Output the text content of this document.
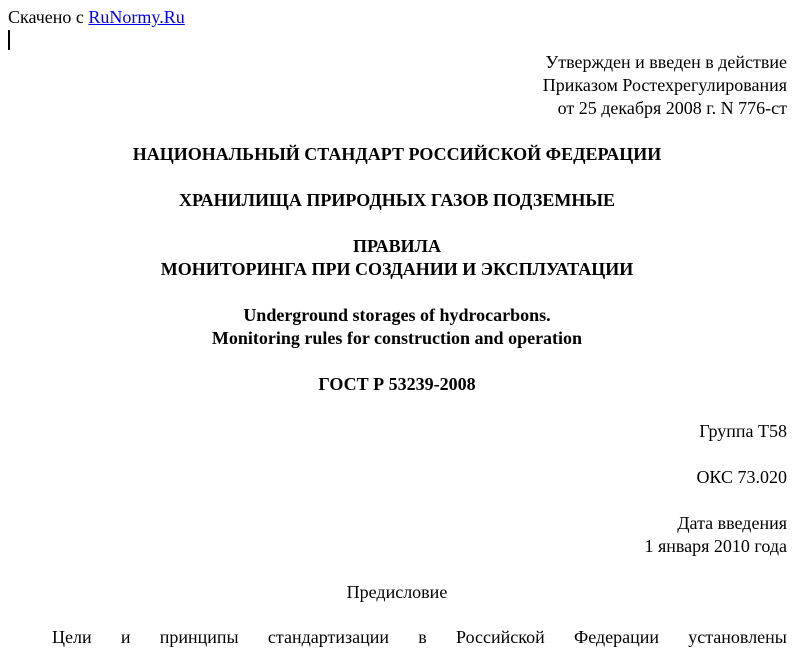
Скачено с RuNormy.Ru
Утвержден и введен в действие
Приказом Ростехрегулирования
от 25 декабря 2008 г. N 776-ст
НАЦИОНАЛЬНЫЙ СТАНДАРТ РОССИЙСКОЙ ФЕДЕРАЦИИ
ХРАНИЛИЩА ПРИРОДНЫХ ГАЗОВ ПОДЗЕМНЫЕ
ПРАВИЛА
МОНИТОРИНГА ПРИ СОЗДАНИИ И ЭКСПЛУАТАЦИИ
Underground storages of hydrocarbons.
Monitoring rules for construction and operation
ГОСТ Р 53239-2008
Группа Т58
ОКС 73.020
Дата введения
1 января 2010 года
Предисловие
Цели и принципы стандартизации в Российской Федерации установлены
